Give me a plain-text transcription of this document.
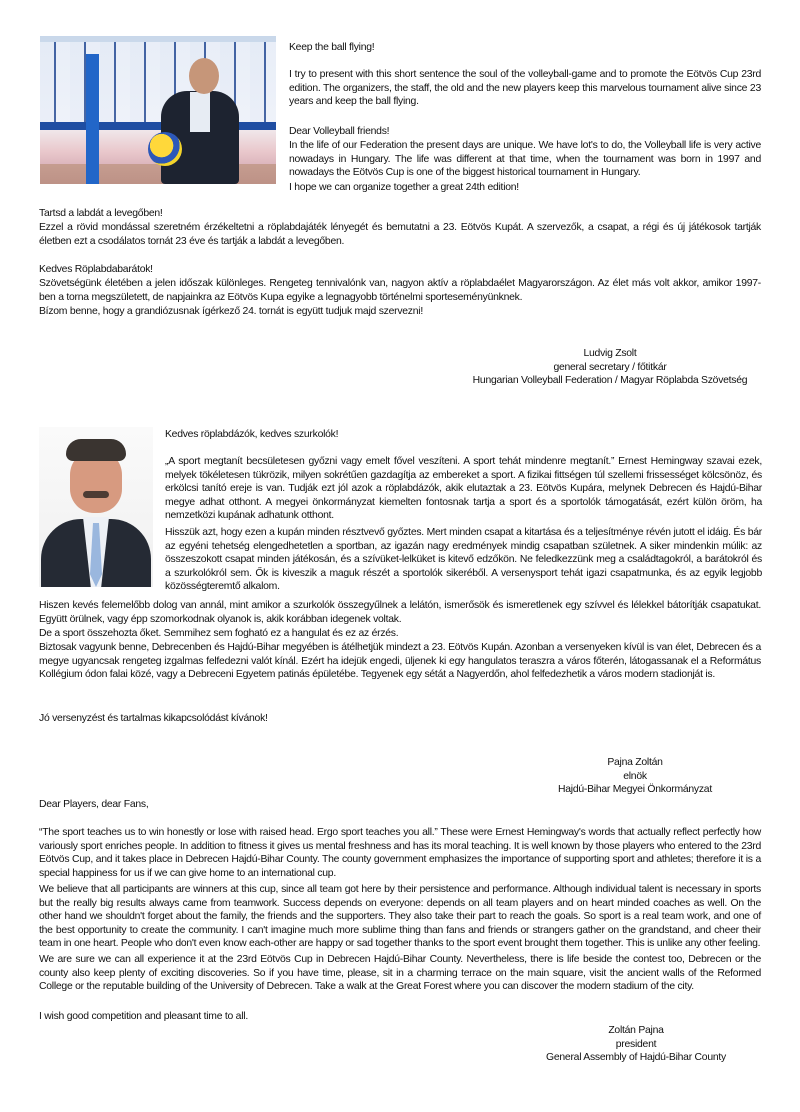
Keep the ball flying!

I try to present with this short sentence the soul of the volleyball-game and to promote the Eötvös Cup 23rd edition. The organizers, the staff, the old and the new players keep this marvelous tournament alive since 23 years and keep the ball flying.
Dear Volleyball friends!
In the life of our Federation the present days are unique. We have lot's to do, the Volleyball life is very active nowadays in Hungary. The life was different at that time, when the tournament was born in 1997 and nowadays the Eötvös Cup is one of the biggest historical tournament in Hungary.
I hope we can organize together a great 24th edition!
Tartsd a labdát a levegőben!
Ezzel a rövid mondással szeretném érzékeltetni a röplabdajáték lényegét és bemutatni a 23. Eötvös Kupát. A szervezők, a csapat, a régi és új játékosok tartják életben ezt a csodálatos tornát 23 éve és tartják a labdát a levegőben.
Kedves Röplabdabarátok!
Szövetségünk életében a jelen időszak különleges. Rengeteg tennivalónk van, nagyon aktív a röplabdaélet Magyarországon. Az élet más volt akkor, amikor 1997-ben a torna megszületett, de napjainkra az Eötvös Kupa egyike a legnagyobb történelmi sporteseményünknek.
Bízom benne, hogy a grandiózusnak ígérkező 24. tornát is együtt tudjuk majd szervezni!

Ludvig Zsolt

general secretary / főtitkár

Hungarian Volleyball Federation / Magyar Röplabda Szövetség

Kedves röplabdázók, kedves szurkolók!
„A sport megtanít becsületesen győzni vagy emelt fővel veszíteni. A sport tehát mindenre megtanít.” Ernest Hemingway szavai ezek, melyek tökéletesen tükrözik, milyen sokrétűen gazdagítja az embereket a sport. A fizikai fittségen túl szellemi frissességet kölcsönöz, és erkölcsi tanító ereje is van. Tudják ezt jól azok a röplabdázók, akik elutaztak a 23. Eötvös Kupára, melynek Debrecen és Hajdú-Bihar megye adhat otthont. A megyei önkormányzat kiemelten fontosnak tartja a sport és a sportolók támogatását, ezért külön öröm, ha nemzetközi kupának adhatunk otthont.
Hisszük azt, hogy ezen a kupán minden résztvevő győztes. Mert minden csapat a kitartása és a teljesítménye révén jutott el idáig. És bár az egyéni tehetség elengedhetetlen a sportban, az igazán nagy eredmények mindig csapatban születnek. A siker mindenkin múlik: az összeszokott csapat minden játékosán, és a szívüket-lelküket is kitevő edzőkön. Ne feledkezzünk meg a családtagokról, a barátokról és a szurkolókról sem. Ők is kiveszik a maguk részét a sportolók sikeréből. A versenysport tehát igazi csapatmunka, és az egyik legjobb közösségteremtő alkalom.
Hiszen kevés felemelőbb dolog van annál, mint amikor a szurkolók összegyűlnek a lelátón, ismerősök és ismeretlenek egy szívvel és lélekkel bátorítják csapatukat. Együtt örülnek, vagy épp szomorkodnak olyanok is, akik korábban idegenek voltak.
De a sport összehozta őket. Semmihez sem fogható ez a hangulat és ez az érzés.
Biztosak vagyunk benne, Debrecenben és Hajdú-Bihar megyében is átélhetjük mindezt a 23. Eötvös Kupán. Azonban a versenyeken kívül is van élet, Debrecen és a megye ugyancsak rengeteg izgalmas felfedezni valót kínál. Ezért ha idejük engedi, üljenek ki egy hangulatos teraszra a város főterén, látogassanak el a Református Kollégium ódon falai közé, vagy a Debreceni Egyetem patinás épületébe. Tegyenek egy sétát a Nagyerdőn, ahol felfedezhetik a város modern stadionját is.
Jó versenyzést és tartalmas kikapcsolódást kívánok!

Pajna Zoltán

elnök

Hajdú-Bihar Megyei Önkormányzat

Dear Players, dear Fans,
“The sport teaches us to win honestly or lose with raised head. Ergo sport teaches you all.” These were Ernest Hemingway's words that actually reflect perfectly how variously sport enriches people. In addition to fitness it gives us mental freshness and has its moral teaching. It is well known by those players who entered to the 23rd Eötvös Cup, and it takes place in Debrecen Hajdú-Bihar County. The county government emphasizes the importance of supporting sport and athletes; therefore it is a special happiness for us if we can give home to an international cup.
We believe that all participants are winners at this cup, since all team got here by their persistence and performance. Although individual talent is necessary in sports but the really big results always came from teamwork. Success depends on everyone: depends on all team players and on heart minded coaches as well. On the other hand we shouldn't forget about the family, the friends and the supporters. They also take their part to reach the goals. So sport is a real team work, and one of the best opportunity to create the community. I can't imagine much more sublime thing than fans and friends or strangers gather on the grandstand, and cheer their team in one heart. People who don't even know each-other are happy or sad together thanks to the sport event brought them together. This is unlike any other feeling.
We are sure we can all experience it at the 23rd Eötvös Cup in Debrecen Hajdú-Bihar County. Nevertheless, there is life beside the contest too, Debrecen or the county also keep plenty of exciting discoveries. So if you have time, please, sit in a charming terrace on the main square, visit the ancient walls of the Reformed College or the reputable building of the University of Debrecen. Take a walk at the Great Forest where you can discover the modern stadium of the city.
I wish good competition and pleasant time to all.

Zoltán Pajna

president

General Assembly of Hajdú-Bihar County
